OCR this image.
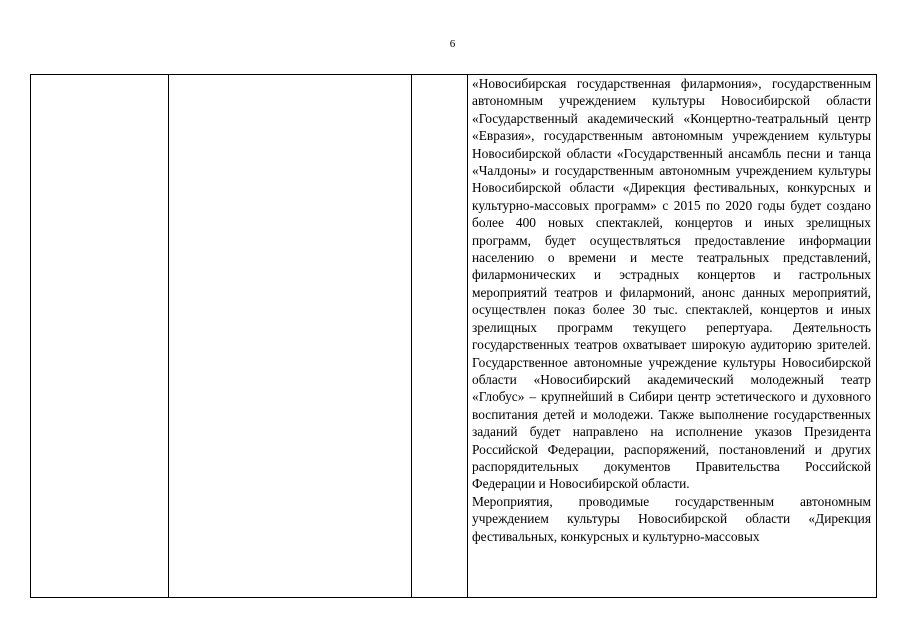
6

«Новосибирская государственная филармония», государственным автономным учреждением культуры Новосибирской области «Государственный академический «Концертно-театральный центр «Евразия», государственным автономным учреждением культуры Новосибирской области «Государственный ансамбль песни и танца «Чалдоны» и государственным автономным учреждением культуры Новосибирской области «Дирекция фестивальных, конкурсных и культурно-массовых программ» с 2015 по 2020 годы будет создано более 400 новых спектаклей, концертов и иных зрелищных программ, будет осуществляться предоставление информации населению о времени и месте театральных представлений, филармонических и эстрадных концертов и гастрольных мероприятий театров и филармоний, анонс данных мероприятий, осуществлен показ более 30 тыс. спектаклей, концертов и иных зрелищных программ текущего репертуара. Деятельность государственных театров охватывает широкую аудиторию зрителей. Государственное автономные учреждение культуры Новосибирской области «Новосибирский академический молодежный театр «Глобус» – крупнейший в Сибири центр эстетического и духовного воспитания детей и молодежи. Также выполнение государственных заданий будет направлено на исполнение указов Президента Российской Федерации, распоряжений, постановлений и других распорядительных документов Правительства Российской Федерации и Новосибирской области.

Мероприятия, проводимые государственным автономным учреждением культуры Новосибирской области «Дирекция фестивальных, конкурсных и культурно-массовых
